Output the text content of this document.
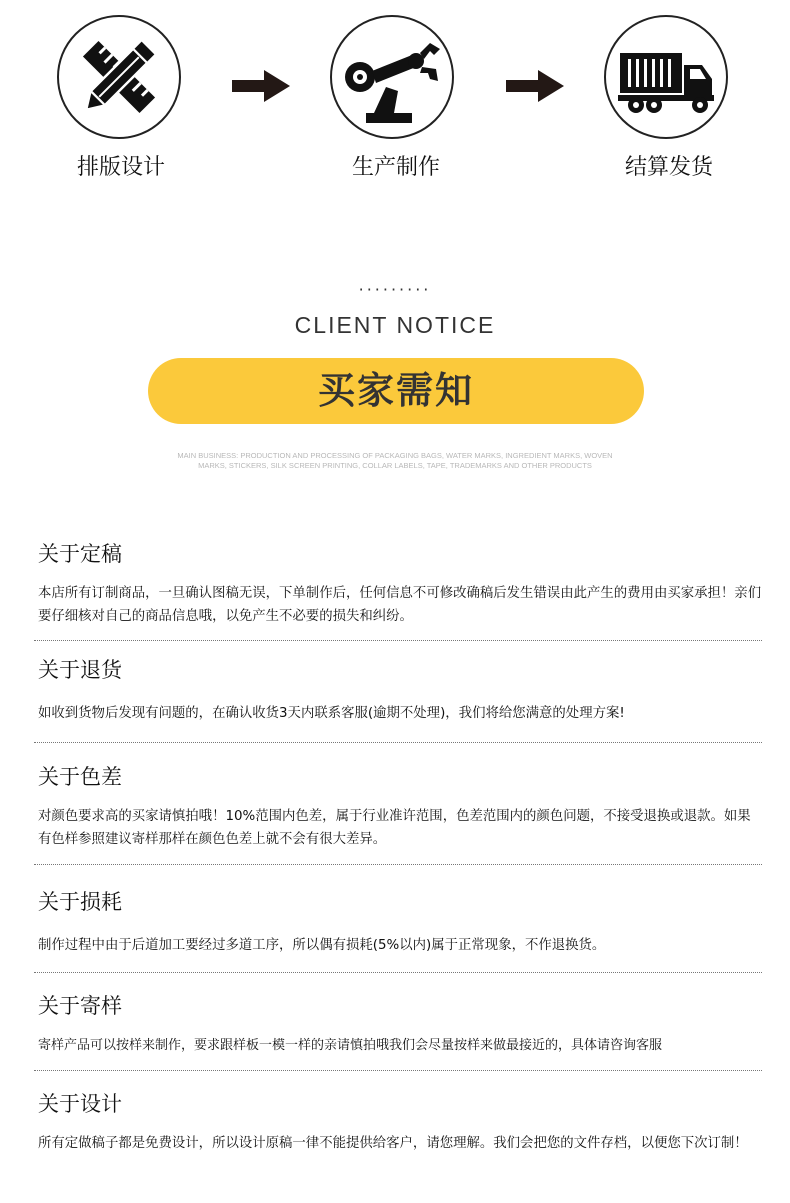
排版设计	生产制作	结算发货
·········
CLIENT NOTICE
买家需知
MAIN BUSINESS: PRODUCTION AND PROCESSING OF PACKAGING BAGS, WATER MARKS, INGREDIENT MARKS, WOVEN MARKS, STICKERS, SILK SCREEN PRINTING, COLLAR LABELS, TAPE, TRADEMARKS AND OTHER PRODUCTS

关于定稿

本店所有订制商品，一旦确认图稿无误，下单制作后，任何信息不可修改确稿后发生错误由此产生的费用由买家承担！亲们要仔细核对自己的商品信息哦，以免产生不必要的损失和纠纷。

关于退货

如收到货物后发现有问题的，在确认收货3天内联系客服(逾期不处理)，我们将给您满意的处理方案!

关于色差

对颜色要求高的买家请慎拍哦！10%范围内色差，属于行业准许范围，色差范围内的颜色问题，不接受退换或退款。如果有色样参照建议寄样那样在颜色色差上就不会有很大差异。

关于损耗

制作过程中由于后道加工要经过多道工序，所以偶有损耗(5%以内)属于正常现象，不作退换货。

关于寄样

寄样产品可以按样来制作，要求跟样板一模一样的亲请慎拍哦我们会尽量按样来做最接近的，具体请咨询客服

关于设计

所有定做稿子都是免费设计，所以设计原稿一律不能提供给客户，请您理解。我们会把您的文件存档，以便您下次订制！
